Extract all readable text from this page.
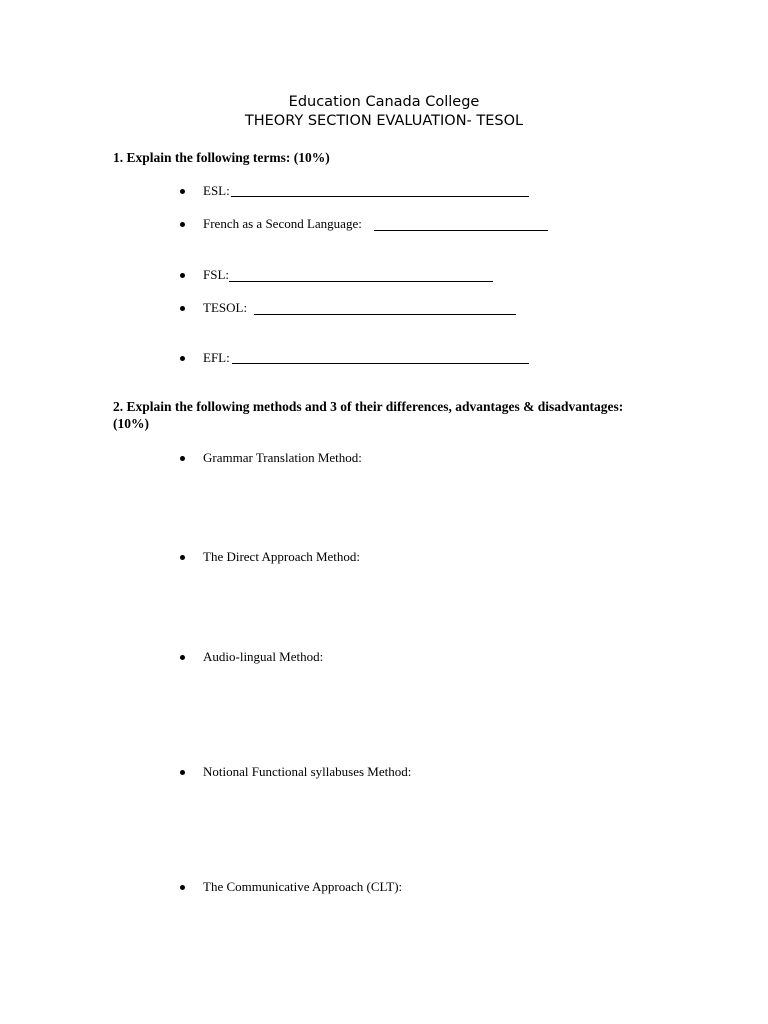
Education Canada College
THEORY SECTION EVALUATION- TESOL
1. Explain the following terms: (10%)
ESL:
French as a Second Language:
FSL:
TESOL:
EFL:
2. Explain the following methods and 3 of their differences, advantages & disadvantages:
(10%)
Grammar Translation Method:
The Direct Approach Method:
Audio-lingual Method:
Notional Functional syllabuses Method:
The Communicative Approach (CLT):
